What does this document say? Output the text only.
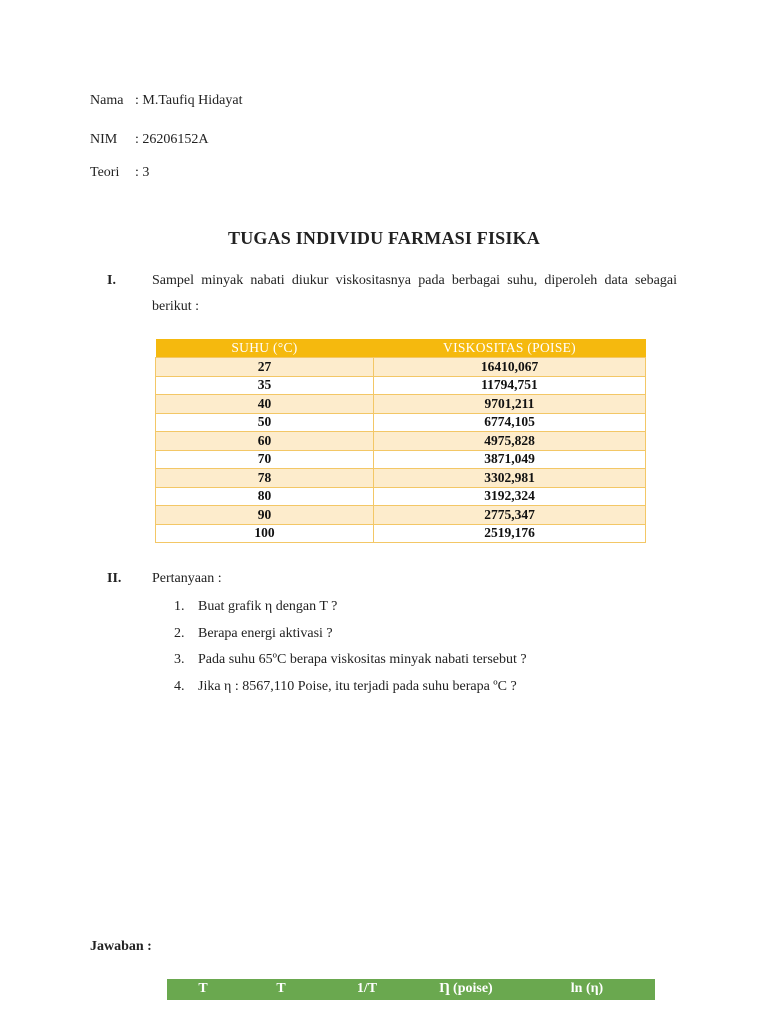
Nama : M.Taufiq Hidayat
NIM : 26206152A
Teori : 3
TUGAS INDIVIDU FARMASI FISIKA
I.	Sampel minyak nabati diukur viskositasnya pada berbagai suhu, diperoleh data sebagai berikut :
SUHU (°C)	VISKOSITAS (POISE)
27	16410,067
35	11794,751
40	9701,211
50	6774,105
60	4975,828
70	3871,049
78	3302,981
80	3192,324
90	2775,347
100	2519,176
II. Pertanyaan :
1. Buat grafik η dengan T ?
2. Berapa energi aktivasi ?
3. Pada suhu 65ºC berapa viskositas minyak nabati tersebut ?
4. Jika η : 8567,110 Poise, itu terjadi pada suhu berapa ºC ?
Jawaban :
T	T	1/T	Ƞ (poise)	ln (η)
